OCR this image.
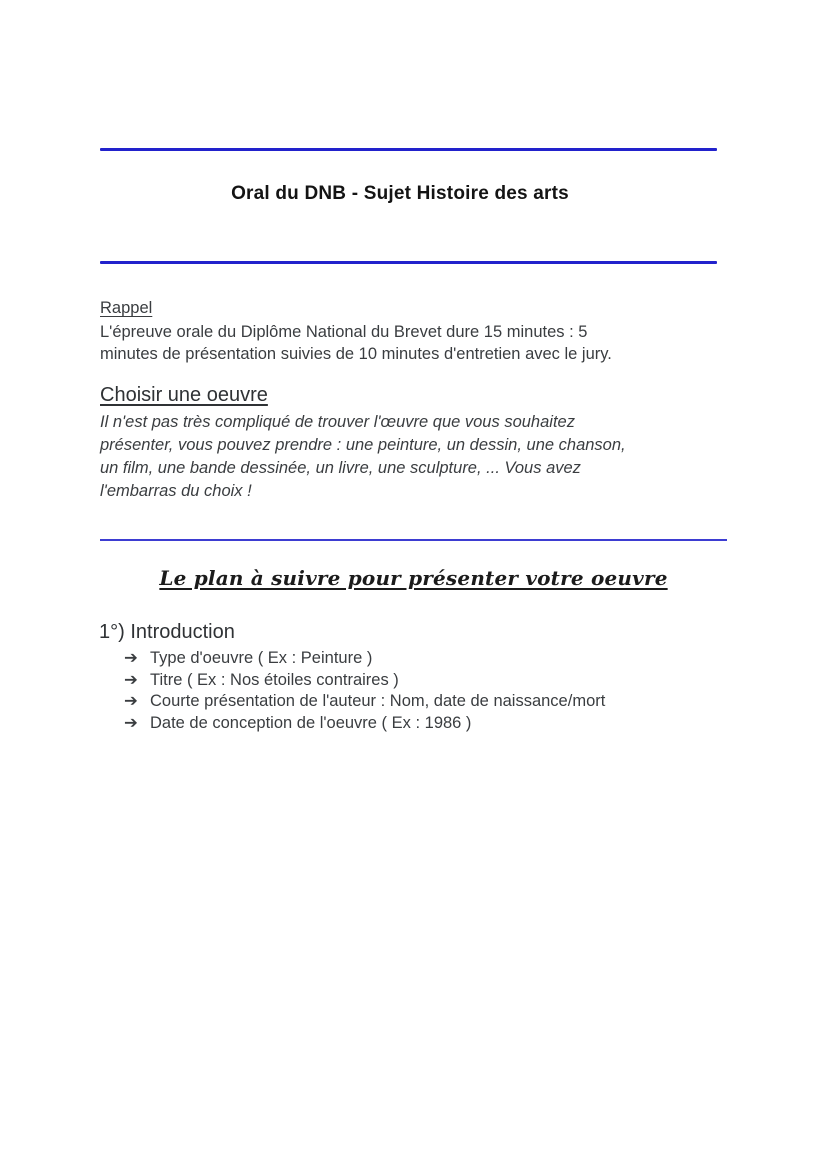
Oral du DNB - Sujet Histoire des arts
Rappel
L'épreuve orale du Diplôme National du Brevet dure 15 minutes : 5
minutes de présentation suivies de 10 minutes d'entretien avec le jury.
Choisir une oeuvre
Il n'est pas très compliqué de trouver l'œuvre que vous souhaitez
présenter, vous pouvez prendre : une peinture, un dessin, une chanson,
un film, une bande dessinée, un livre, une sculpture, ... Vous avez
l'embarras du choix !
Le plan à suivre pour présenter votre oeuvre
1°) Introduction
➔ Type d'oeuvre ( Ex : Peinture )
➔ Titre ( Ex : Nos étoiles contraires )
➔ Courte présentation de l'auteur : Nom, date de naissance/mort
➔ Date de conception de l'oeuvre ( Ex : 1986 )
